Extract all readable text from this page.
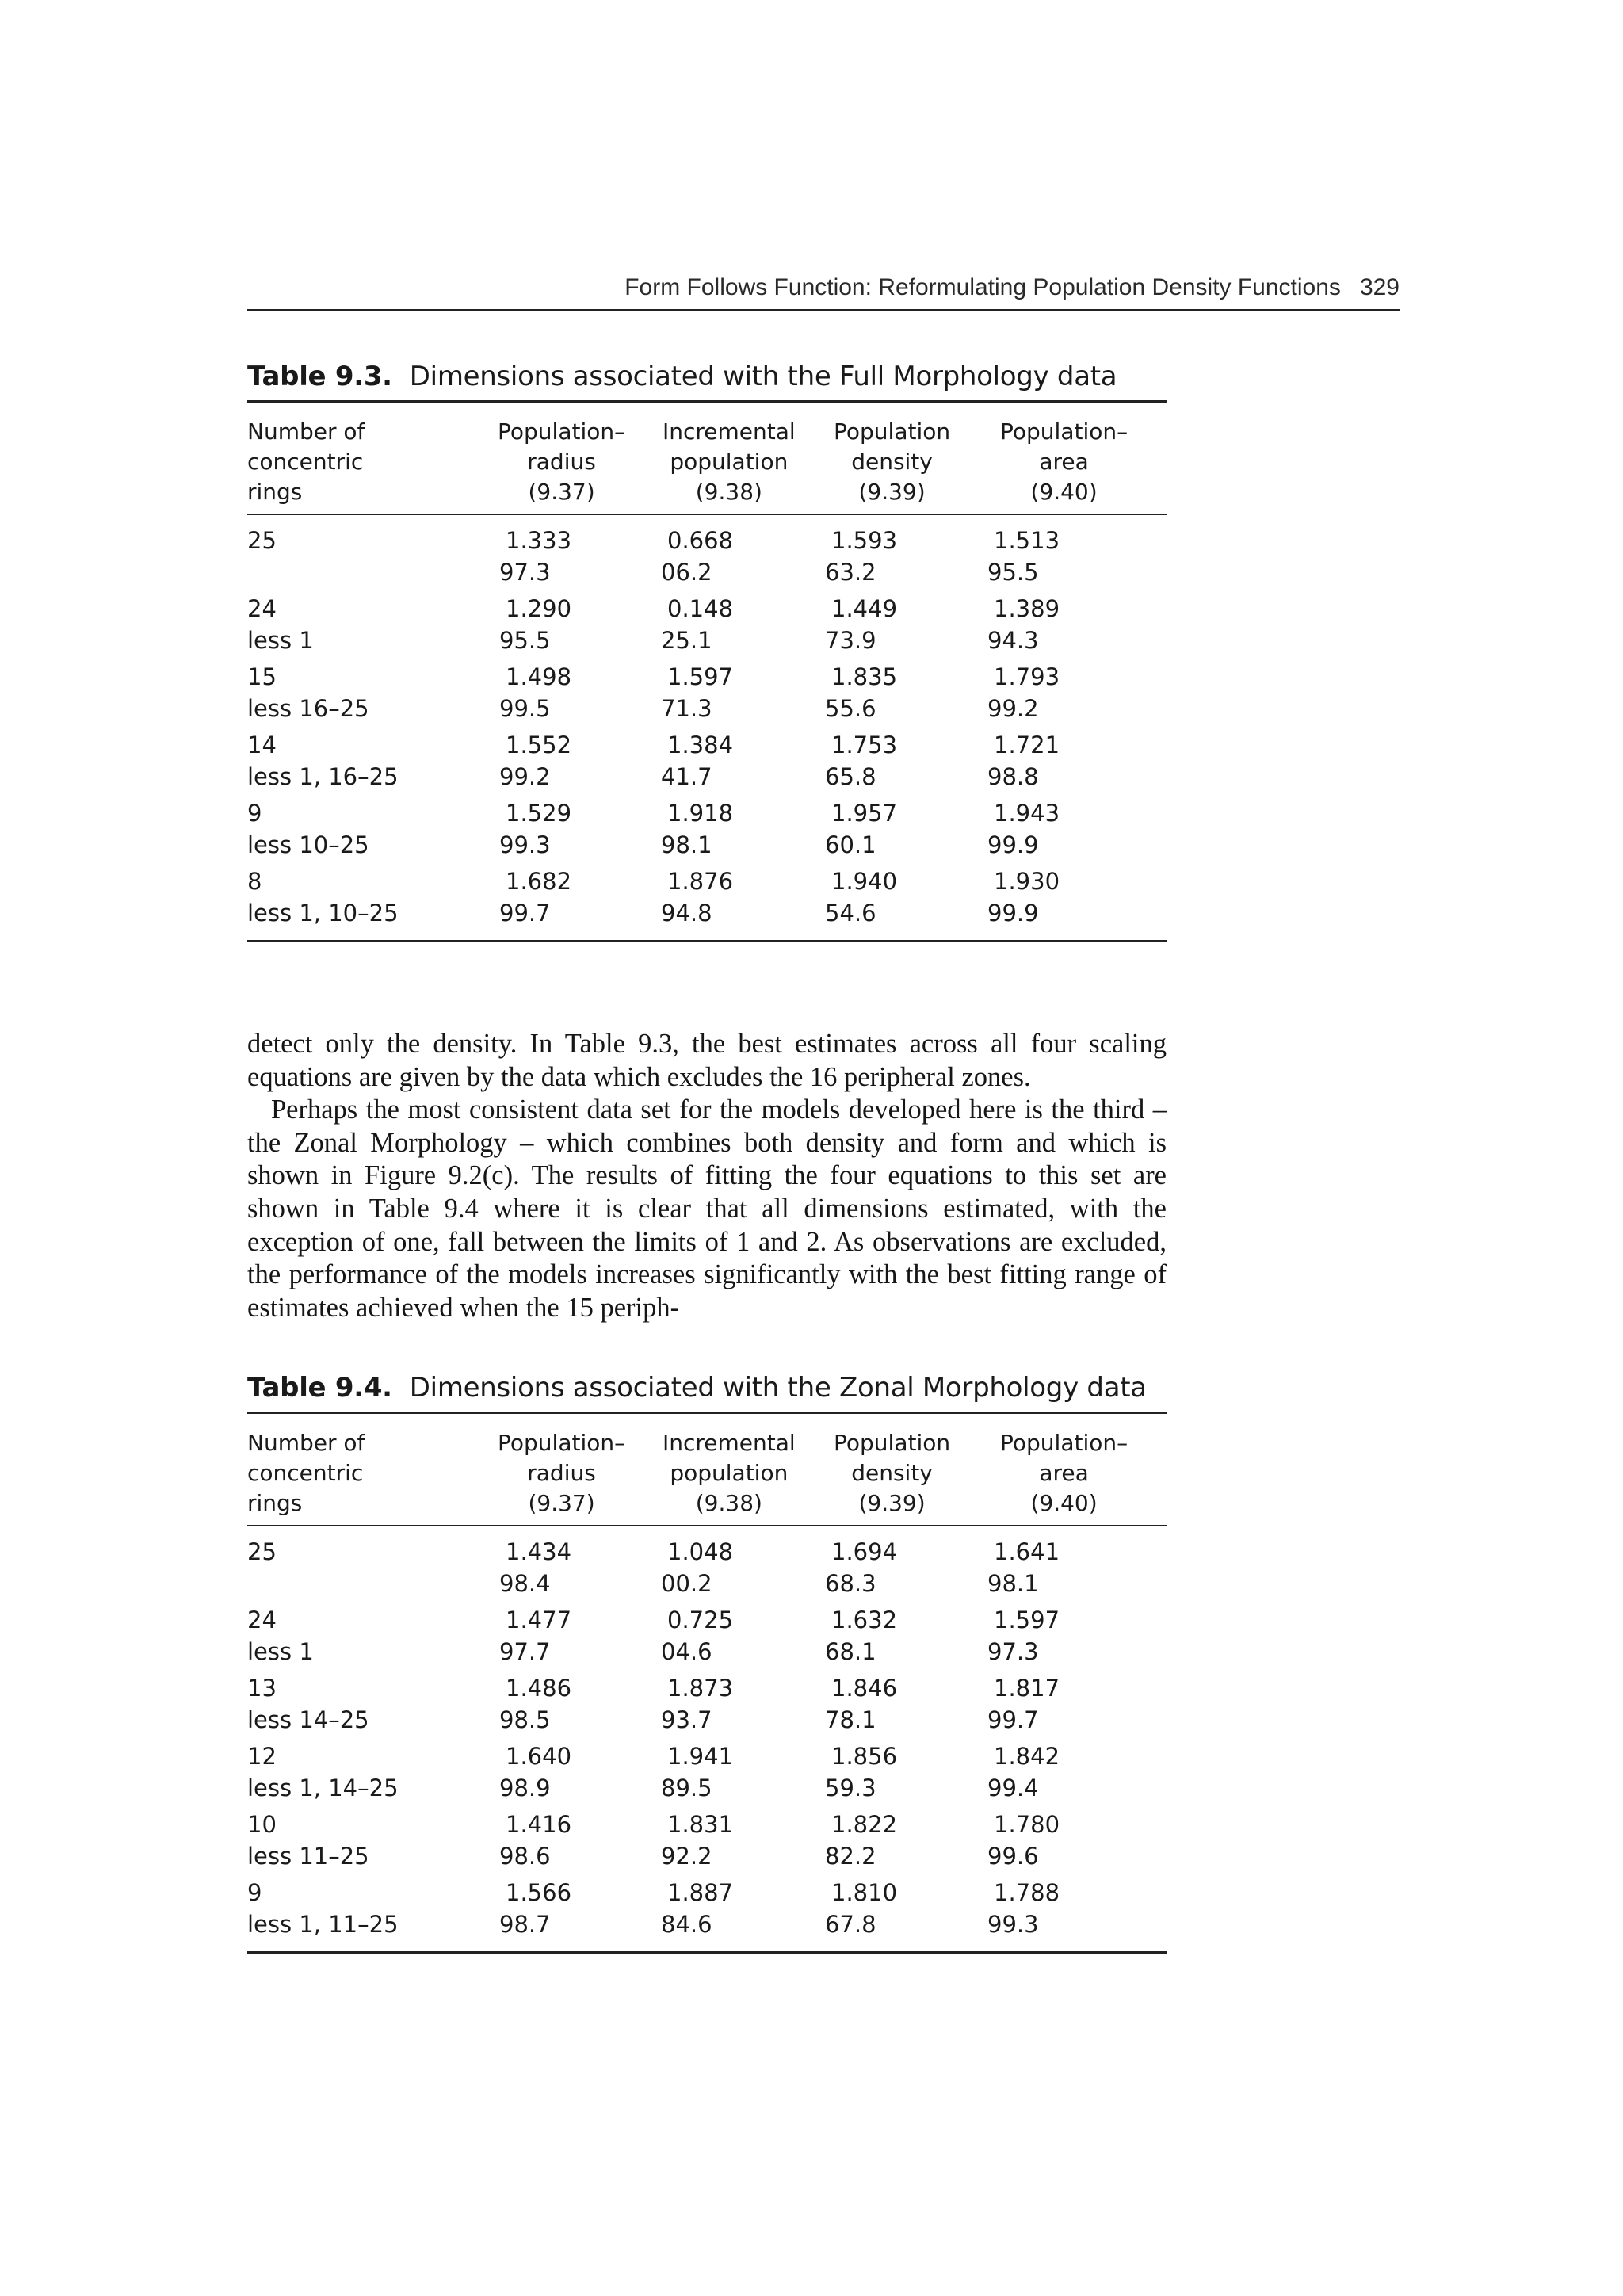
Form Follows Function: Reformulating Population Density Functions 329
Table 9.3. Dimensions associated with the Full Morphology data
Number of
concentric
rings
Population–
radius
(9.37)
Incremental
population
(9.38)
Population
density
(9.39)
Population–
area
(9.40)
25
	1.333
97.3
0.668
06.2
1.593
63.2
1.513
95.5
24
less 1
1.290
95.5
0.148
25.1
1.449
73.9
1.389
94.3
15
less 16–25
1.498
99.5
1.597
71.3
1.835
55.6
1.793
99.2
14
less 1, 16–25
1.552
99.2
1.384
41.7
1.753
65.8
1.721
98.8
9
less 10–25
1.529
99.3
1.918
98.1
1.957
60.1
1.943
99.9
8
less 1, 10–25
1.682
99.7
1.876
94.8
1.940
54.6
1.930
99.9

detect only the density. In Table 9.3, the best estimates across all four scaling equations are given by the data which excludes the 16 peripheral zones.

Perhaps the most consistent data set for the models developed here is the third – the Zonal Morphology – which combines both density and form and which is shown in Figure 9.2(c). The results of fitting the four equations to this set are shown in Table 9.4 where it is clear that all dimensions estimated, with the exception of one, fall between the limits of 1 and 2. As observations are excluded, the performance of the models increases significantly with the best fitting range of estimates achieved when the 15 periph-

Table 9.4. Dimensions associated with the Zonal Morphology data
Number of
concentric
rings
Population–
radius
(9.37)
Incremental
population
(9.38)
Population
density
(9.39)
Population–
area
(9.40)
25
	1.434
98.4
1.048
00.2
1.694
68.3
1.641
98.1
24
less 1
1.477
97.7
0.725
04.6
1.632
68.1
1.597
97.3
13
less 14–25
1.486
98.5
1.873
93.7
1.846
78.1
1.817
99.7
12
less 1, 14–25
1.640
98.9
1.941
89.5
1.856
59.3
1.842
99.4
10
less 11–25
1.416
98.6
1.831
92.2
1.822
82.2
1.780
99.6
9
less 1, 11–25
1.566
98.7
1.887
84.6
1.810
67.8
1.788
99.3
